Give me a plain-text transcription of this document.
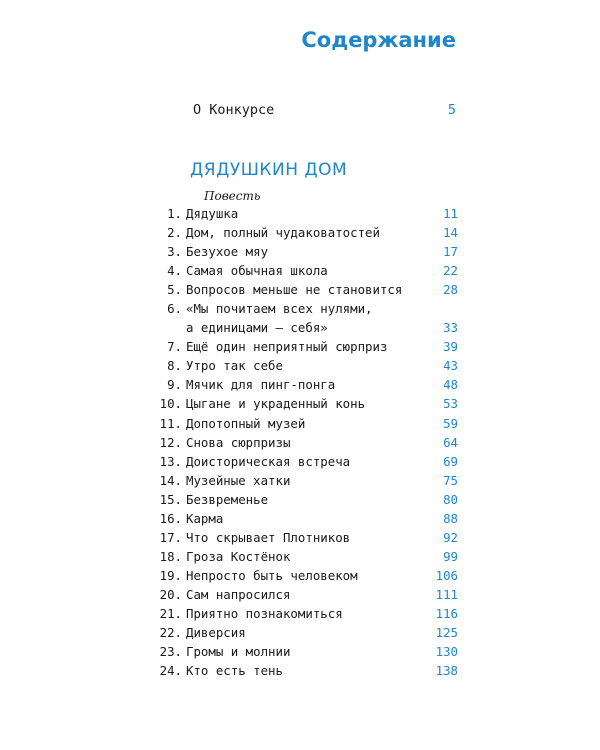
Содержание
О Конкурсе	5
ДЯДУШКИН ДОМ
Повесть
1. Дядушка	11
2. Дом, полный чудаковатостей	14
3. Безухое мяу	17
4. Самая обычная школа	22
5. Вопросов меньше не становится	28
6. «Мы почитаем всех нулями,
а единицами — себя»	33
7. Ещё один неприятный сюрприз	39
8. Утро так себе	43
9. Мячик для пинг-понга	48
10. Цыгане и украденный конь	53
11. Допотопный музей	59
12. Снова сюрпризы	64
13. Доисторическая встреча	69
14. Музейные хатки	75
15. Безвременье	80
16. Карма	88
17. Что скрывает Плотников	92
18. Гроза Костёнок	99
19. Непросто быть человеком	106
20. Сам напросился	111
21. Приятно познакомиться	116
22. Диверсия	125
23. Громы и молнии	130
24. Кто есть тень	138
